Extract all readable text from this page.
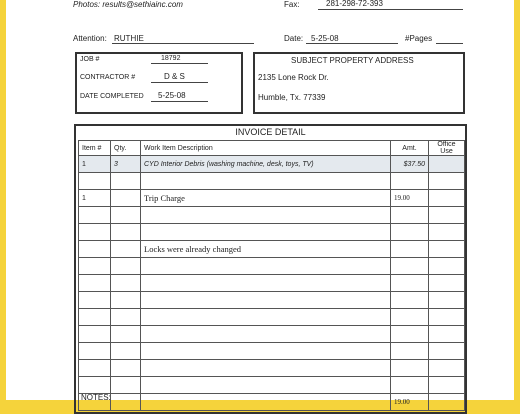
Photos: results@sethiainc.com	Fax:	281-298-72-393
Attention: RUTHIE	Date: 5-25-08	#Pages
JOB #	18792
CONTRACTOR #	D & S
DATE COMPLETED 5-25-08
SUBJECT PROPERTY ADDRESS
2135 Lone Rock Dr.
Humble, Tx. 77339
INVOICE DETAIL
Item #	Qty.	Work Item Description	Amt.	Office Use
1	3	CYD Interior Debris (washing machine, desk, toys, TV)	$37.50	

1		Trip Charge	19.00	

		Locks were already changed		

			19.00	
NOTES:
